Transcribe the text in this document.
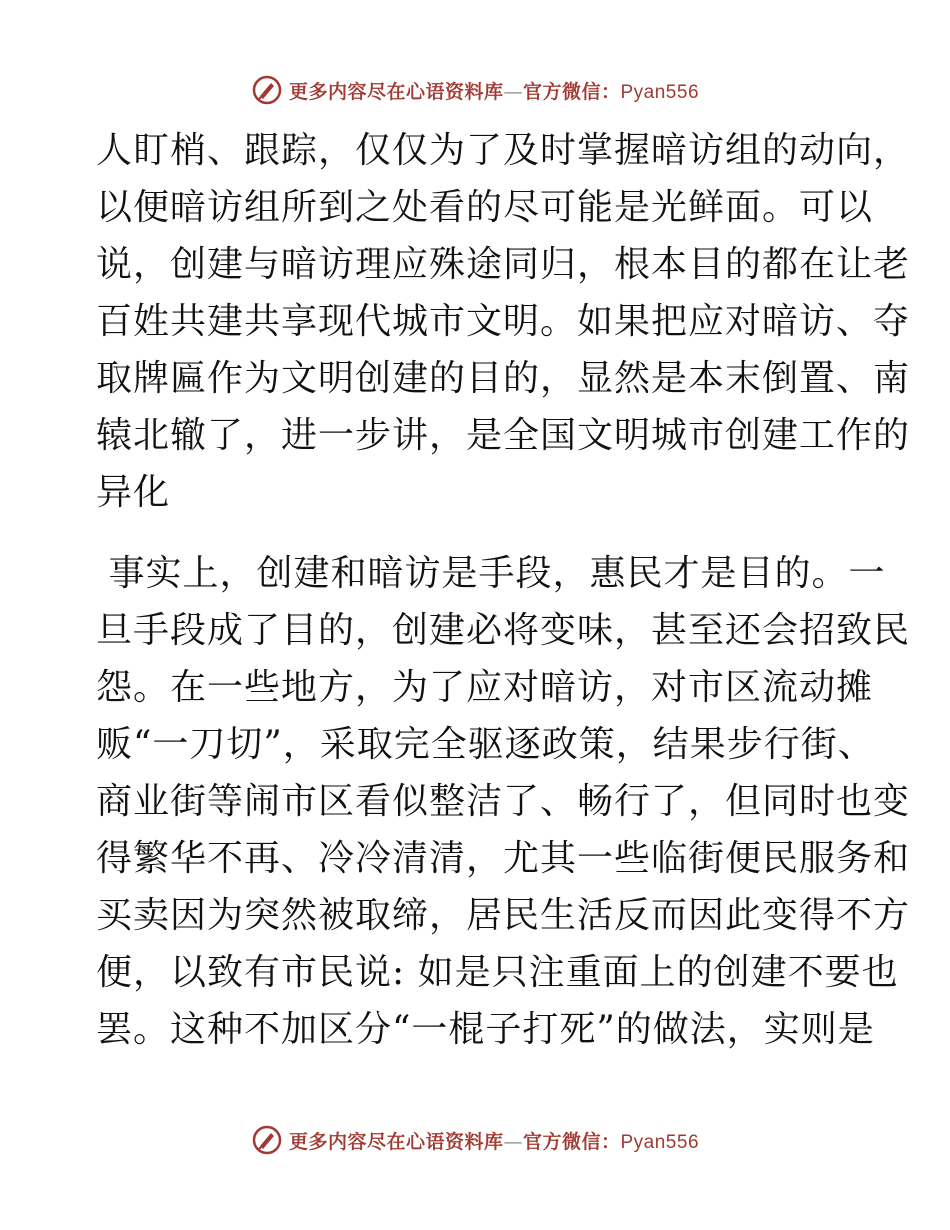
更多内容尽在心语资料库—官方微信：Pyan556

人盯梢、跟踪，仅仅为了及时掌握暗访组的动向，
以便暗访组所到之处看的尽可能是光鲜面。可以
说，创建与暗访理应殊途同归，根本目的都在让老
百姓共建共享现代城市文明。如果把应对暗访、夺
取牌匾作为文明创建的目的，显然是本末倒置、南
辕北辙了，进一步讲，是全国文明城市创建工作的
异化

事实上，创建和暗访是手段，惠民才是目的。一
旦手段成了目的，创建必将变味，甚至还会招致民
怨。在一些地方，为了应对暗访，对市区流动摊
贩“一刀切”，采取完全驱逐政策，结果步行街、
商业街等闹市区看似整洁了、畅行了，但同时也变
得繁华不再、冷冷清清，尤其一些临街便民服务和
买卖因为突然被取缔，居民生活反而因此变得不方
便，以致有市民说: 如是只注重面上的创建不要也
罢。这种不加区分“一棍子打死”的做法，实则是

更多内容尽在心语资料库—官方微信：Pyan556
